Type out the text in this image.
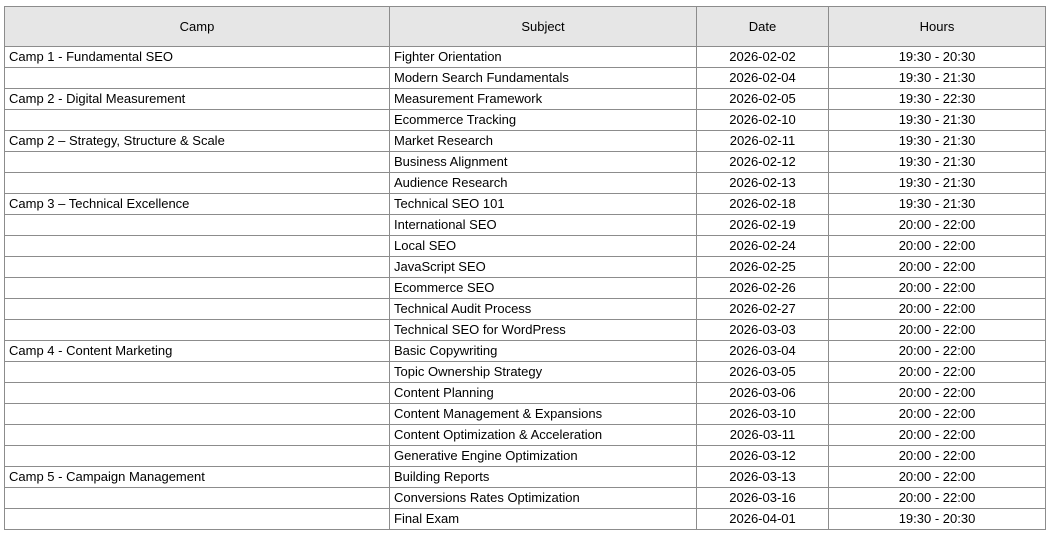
Camp	Subject	Date	Hours
Camp 1 - Fundamental SEO	Fighter Orientation	2026-02-02	19:30 - 20:30
	Modern Search Fundamentals	2026-02-04	19:30 - 21:30
Camp 2 - Digital Measurement	Measurement Framework	2026-02-05	19:30 - 22:30
	Ecommerce Tracking	2026-02-10	19:30 - 21:30
Camp 2 – Strategy, Structure & Scale	Market Research	2026-02-11	19:30 - 21:30
	Business Alignment	2026-02-12	19:30 - 21:30
	Audience Research	2026-02-13	19:30 - 21:30
Camp 3 – Technical Excellence	Technical SEO 101	2026-02-18	19:30 - 21:30
	International SEO	2026-02-19	20:00 - 22:00
	Local SEO	2026-02-24	20:00 - 22:00
	JavaScript SEO	2026-02-25	20:00 - 22:00
	Ecommerce SEO	2026-02-26	20:00 - 22:00
	Technical Audit Process	2026-02-27	20:00 - 22:00
	Technical SEO for WordPress	2026-03-03	20:00 - 22:00
Camp 4 - Content Marketing	Basic Copywriting	2026-03-04	20:00 - 22:00
	Topic Ownership Strategy	2026-03-05	20:00 - 22:00
	Content Planning	2026-03-06	20:00 - 22:00
	Content Management & Expansions	2026-03-10	20:00 - 22:00
	Content Optimization & Acceleration	2026-03-11	20:00 - 22:00
	Generative Engine Optimization	2026-03-12	20:00 - 22:00
Camp 5 - Campaign Management	Building Reports	2026-03-13	20:00 - 22:00
	Conversions Rates Optimization	2026-03-16	20:00 - 22:00
	Final Exam	2026-04-01	19:30 - 20:30
